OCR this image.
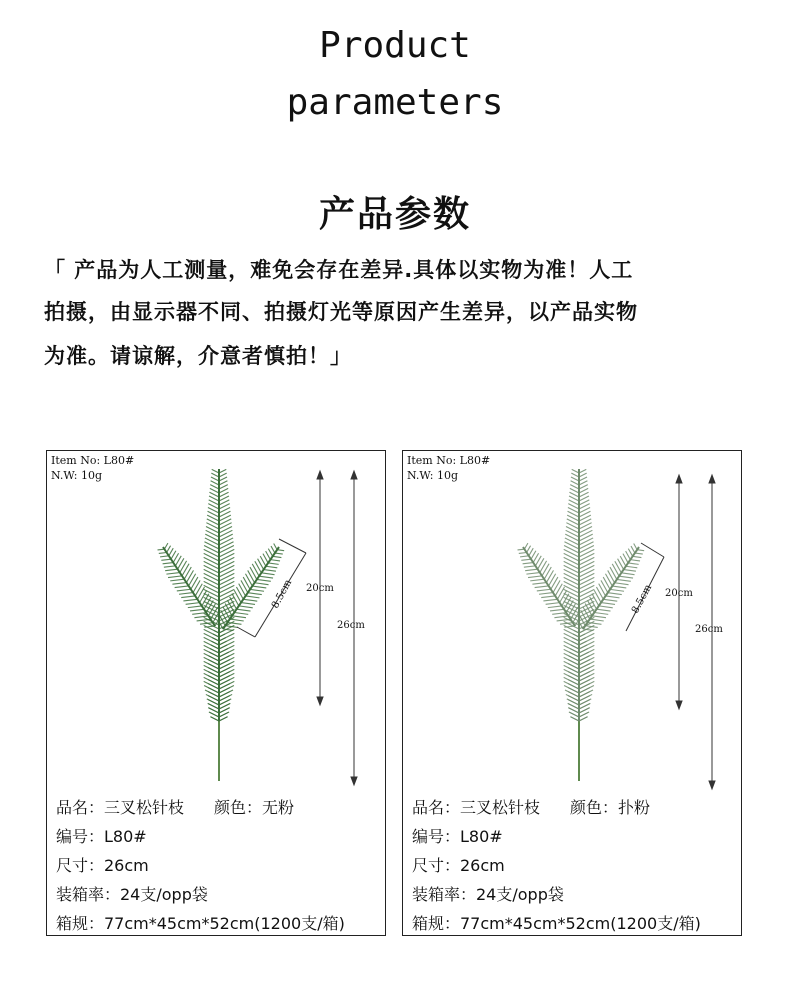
Product
parameters
产品参数
「 产品为人工测量，难免会存在差异.具体以实物为准！人工
拍摄，由显示器不同、拍摄灯光等原因产生差异，以产品实物
为准。请谅解，介意者慎拍！」
Item No: L80#
N.W: 10g
20cm
26cm
8.5cm
品名：三叉松针枝 颜色：无粉
编号：L80#
尺寸：26cm
装箱率：24支/opp袋
箱规：77cm*45cm*52cm(1200支/箱)
Item No: L80#
N.W: 10g
20cm
26cm
8.5cm
品名：三叉松针枝 颜色：扑粉
编号：L80#
尺寸：26cm
装箱率：24支/opp袋
箱规：77cm*45cm*52cm(1200支/箱)
